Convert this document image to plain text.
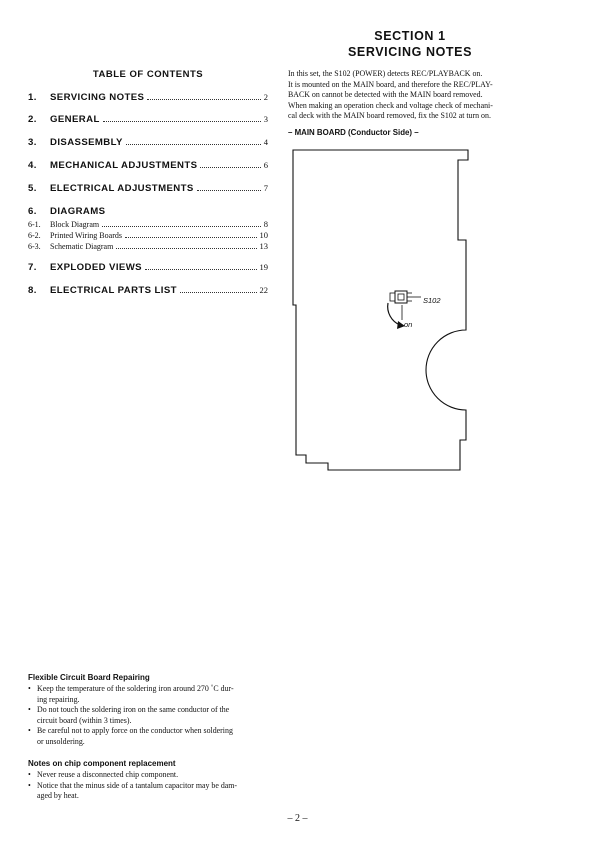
SECTION 1
SERVICING NOTES
TABLE OF CONTENTS
1.	SERVICING NOTES	2
2.	GENERAL	3
3.	DISASSEMBLY	4
4.	MECHANICAL ADJUSTMENTS	6
5.	ELECTRICAL ADJUSTMENTS	7
6.	DIAGRAMS
6-1.	Block Diagram	8
6-2.	Printed Wiring Boards	10
6-3.	Schematic Diagram	13
7.	EXPLODED VIEWS	19
8.	ELECTRICAL PARTS LIST	22
In this set, the S102 (POWER) detects REC/PLAYBACK on.
It is mounted on the MAIN board, and therefore the REC/PLAY-
BACK on cannot be detected with the MAIN board removed.
When making an operation check and voltage check of mechani-
cal deck with the MAIN board removed, fix the S102 at turn on.
– MAIN BOARD (Conductor Side) –
S102
on
Flexible Circuit Board Repairing
• Keep the temperature of the soldering iron around 270 ˚C dur-
ing repairing.
• Do not touch the soldering iron on the same conductor of the
circuit board (within 3 times).
• Be careful not to apply force on the conductor when soldering
or unsoldering.
Notes on chip component replacement
• Never reuse a disconnected chip component.
• Notice that the minus side of a tantalum capacitor may be dam-
aged by heat.
– 2 –
